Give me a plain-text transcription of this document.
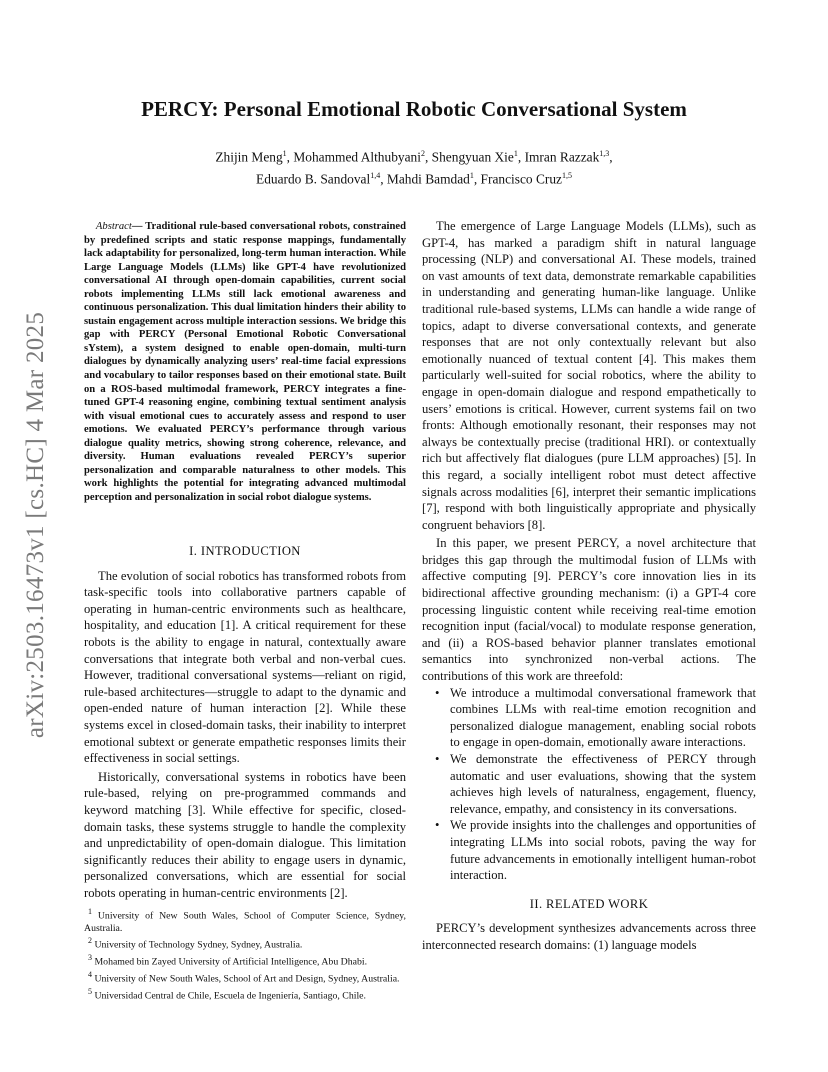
arXiv:2503.16473v1 [cs.HC] 4 Mar 2025
PERCY: Personal Emotional Robotic Conversational System
Zhijin Meng$^1$, Mohammed Althubyani$^2$, Shengyuan Xie$^1$, Imran Razzak$^{1,3}$,
Eduardo B. Sandoval$^{1,4}$, Mahdi Bamdad$^1$, Francisco Cruz$^{1,5}$
Abstract— Traditional rule-based conversational robots, constrained by predefined scripts and static response mappings, fundamentally lack adaptability for personalized, long-term human interaction. While Large Language Models (LLMs) like GPT-4 have revolutionized conversational AI through open-domain capabilities, current social robots implementing LLMs still lack emotional awareness and continuous personalization. This dual limitation hinders their ability to sustain engagement across multiple interaction sessions. We bridge this gap with PERCY (Personal Emotional Robotic Conversational sYstem), a system designed to enable open-domain, multi-turn dialogues by dynamically analyzing users’ real-time facial expressions and vocabulary to tailor responses based on their emotional state. Built on a ROS-based multimodal framework, PERCY integrates a fine-tuned GPT-4 reasoning engine, combining textual sentiment analysis with visual emotional cues to accurately assess and respond to user emotions. We evaluated PERCY’s performance through various dialogue quality metrics, showing strong coherence, relevance, and diversity. Human evaluations revealed PERCY’s superior personalization and comparable naturalness to other models. This work highlights the potential for integrating advanced multimodal perception and personalization in social robot dialogue systems.
I. INTRODUCTION

The evolution of social robotics has transformed robots from task-specific tools into collaborative partners capable of operating in human-centric environments such as healthcare, hospitality, and education [1]. A critical requirement for these robots is the ability to engage in natural, contextually aware conversations that integrate both verbal and non-verbal cues. However, traditional conversational systems—reliant on rigid, rule-based architectures—struggle to adapt to the dynamic and open-ended nature of human interaction [2]. While these systems excel in closed-domain tasks, their inability to interpret emotional subtext or generate empathetic responses limits their effectiveness in social settings.

Historically, conversational systems in robotics have been rule-based, relying on pre-programmed commands and keyword matching [3]. While effective for specific, closed-domain tasks, these systems struggle to handle the complexity and unpredictability of open-domain dialogue. This limitation significantly reduces their ability to engage users in dynamic, personalized conversations, which are essential for social robots operating in human-centric environments [2].

$^1$ University of New South Wales, School of Computer Science, Sydney, Australia.
$^2$ University of Technology Sydney, Sydney, Australia.
$^3$ Mohamed bin Zayed University of Artificial Intelligence, Abu Dhabi.
$^4$ University of New South Wales, School of Art and Design, Sydney, Australia.
$^5$ Universidad Central de Chile, Escuela de Ingeniería, Santiago, Chile.

The emergence of Large Language Models (LLMs), such as GPT-4, has marked a paradigm shift in natural language processing (NLP) and conversational AI. These models, trained on vast amounts of text data, demonstrate remarkable capabilities in understanding and generating human-like language. Unlike traditional rule-based systems, LLMs can handle a wide range of topics, adapt to diverse conversational contexts, and generate responses that are not only contextually relevant but also emotionally nuanced of textual content [4]. This makes them particularly well-suited for social robotics, where the ability to engage in open-domain dialogue and respond empathetically to users’ emotions is critical. However, current systems fail on two fronts: Although emotionally resonant, their responses may not always be contextually precise (traditional HRI). or contextually rich but affectively flat dialogues (pure LLM approaches) [5]. In this regard, a socially intelligent robot must detect affective signals across modalities [6], interpret their semantic implications [7], respond with both linguistically appropriate and physically congruent behaviors [8].

In this paper, we present PERCY, a novel architecture that bridges this gap through the multimodal fusion of LLMs with affective computing [9]. PERCY’s core innovation lies in its bidirectional affective grounding mechanism: (i) a GPT-4 core processing linguistic content while receiving real-time emotion recognition input (facial/vocal) to modulate response generation, and (ii) a ROS-based behavior planner translates emotional semantics into synchronized non-verbal actions. The contributions of this work are threefold:

• We introduce a multimodal conversational framework that combines LLMs with real-time emotion recognition and personalized dialogue management, enabling social robots to engage in open-domain, emotionally aware interactions.
• We demonstrate the effectiveness of PERCY through automatic and user evaluations, showing that the system achieves high levels of naturalness, engagement, fluency, relevance, empathy, and consistency in its conversations.
• We provide insights into the challenges and opportunities of integrating LLMs into social robots, paving the way for future advancements in emotionally intelligent human-robot interaction.
II. RELATED WORK

PERCY’s development synthesizes advancements across three interconnected research domains: (1) language models
